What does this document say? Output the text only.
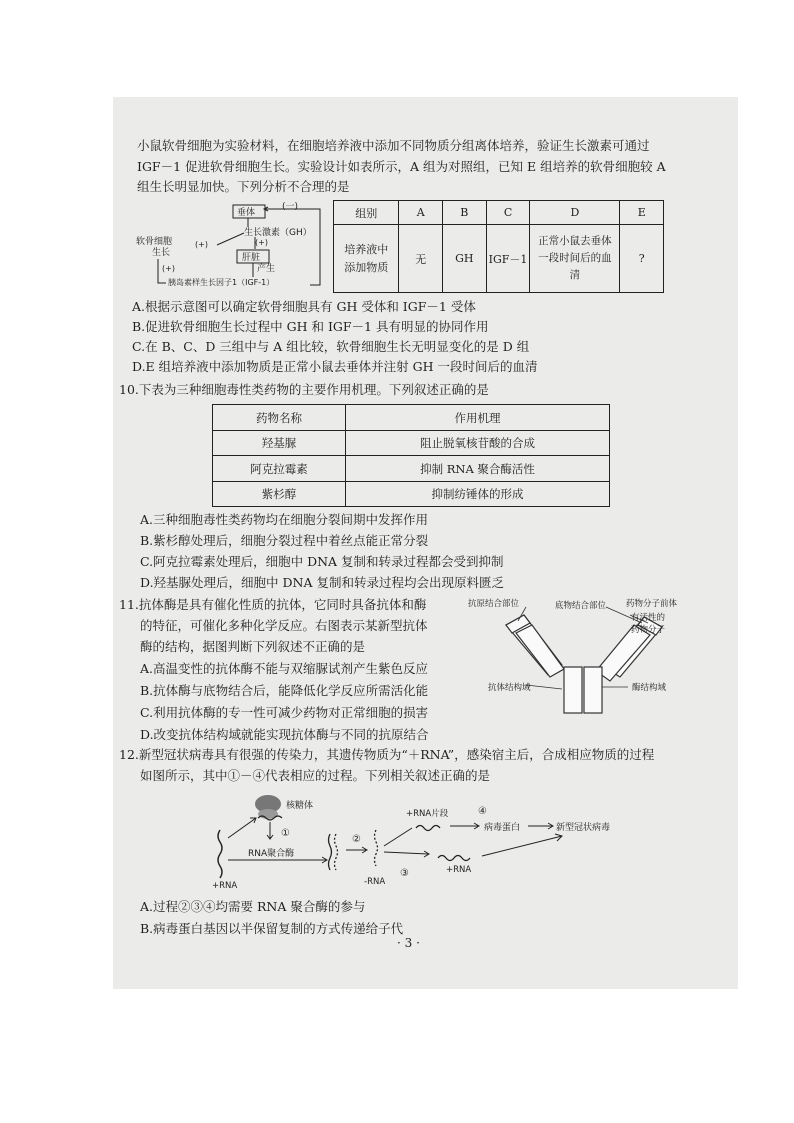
小鼠软骨细胞为实验材料，在细胞培养液中添加不同物质分组离体培养，验证生长激素可通过
IGF－1 促进软骨细胞生长。实验设计如表所示，A 组为对照组，已知 E 组培养的软骨细胞较 A
组生长明显加快。下列分析不合理的是
垂体
(一)
生长激素（GH）
(+)	(+)
肝脏
产生
软骨细胞
生长
(+)
胰岛素样生长因子1（IGF-1）
组别	A	B	C	D	E
培养液中添加物质	无	GH	IGF－1	正常小鼠去垂体一段时间后的血清	?
A.根据示意图可以确定软骨细胞具有 GH 受体和 IGF－1 受体
B.促进软骨细胞生长过程中 GH 和 IGF－1 具有明显的协同作用
C.在 B、C、D 三组中与 A 组比较，软骨细胞生长无明显变化的是 D 组
D.E 组培养液中添加物质是正常小鼠去垂体并注射 GH 一段时间后的血清
10.下表为三种细胞毒性类药物的主要作用机理。下列叙述正确的是
药物名称	作用机理
羟基脲	阻止脱氧核苷酸的合成
阿克拉霉素	抑制 RNA 聚合酶活性
紫杉醇	抑制纺锤体的形成
A.三种细胞毒性类药物均在细胞分裂间期中发挥作用
B.紫杉醇处理后，细胞分裂过程中着丝点能正常分裂
C.阿克拉霉素处理后，细胞中 DNA 复制和转录过程都会受到抑制
D.羟基脲处理后，细胞中 DNA 复制和转录过程均会出现原料匮乏
11.抗体酶是具有催化性质的抗体，它同时具备抗体和酶
的特征，可催化多种化学反应。右图表示某新型抗体
酶的结构，据图判断下列叙述不正确的是
A.高温变性的抗体酶不能与双缩脲试剂产生紫色反应
B.抗体酶与底物结合后，能降低化学反应所需活化能
C.利用抗体酶的专一性可减少药物对正常细胞的损害
D.改变抗体结构域就能实现抗体酶与不同的抗原结合
抗原结合部位	底物结合部位 药物分子前体
有活性的
药物分子
抗体结构域	酶结构域
12.新型冠状病毒具有很强的传染力，其遗传物质为“＋RNA”，感染宿主后，合成相应物质的过程
如图所示，其中①－④代表相应的过程。下列相关叙述正确的是
核糖体
①
+RNA
RNA聚合酶
②
-RNA
③
+RNA片段	④
病毒蛋白	新型冠状病毒
+RNA
A.过程②③④均需要 RNA 聚合酶的参与
B.病毒蛋白基因以半保留复制的方式传递给子代
· 3 ·
